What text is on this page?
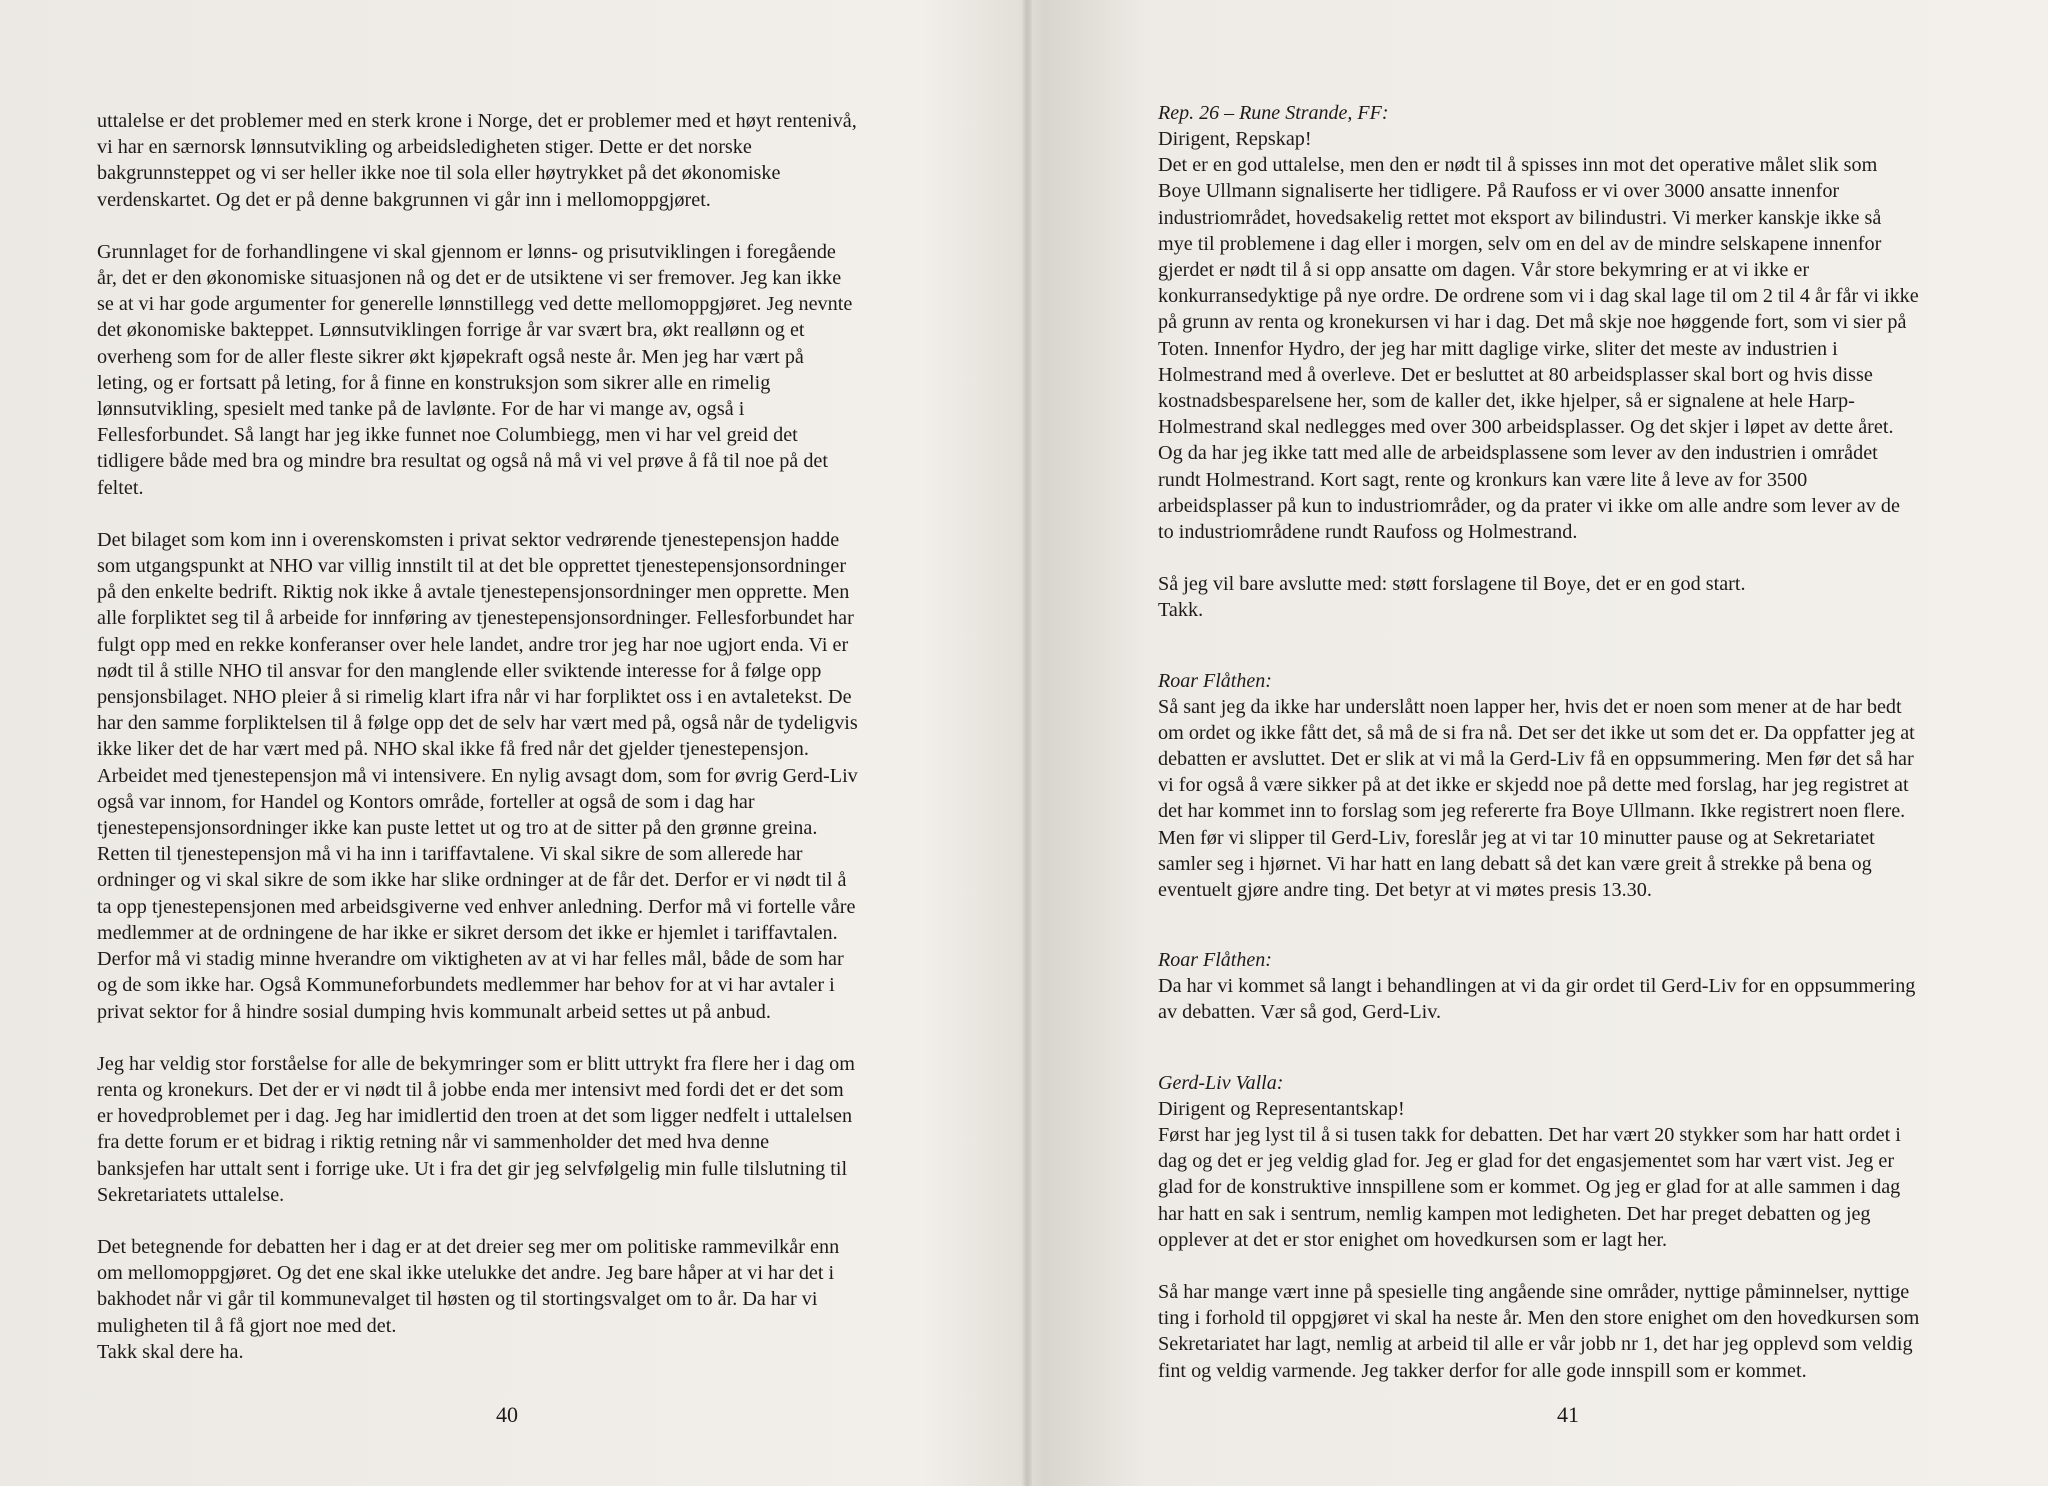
uttalelse er det problemer med en sterk krone i Norge, det er problemer med et høyt rentenivå,
vi har en særnorsk lønnsutvikling og arbeidsledigheten stiger. Dette er det norske
bakgrunnsteppet og vi ser heller ikke noe til sola eller høytrykket på det økonomiske
verdenskartet. Og det er på denne bakgrunnen vi går inn i mellomoppgjøret.

Grunnlaget for de forhandlingene vi skal gjennom er lønns- og prisutviklingen i foregående
år, det er den økonomiske situasjonen nå og det er de utsiktene vi ser fremover. Jeg kan ikke
se at vi har gode argumenter for generelle lønnstillegg ved dette mellomoppgjøret. Jeg nevnte
det økonomiske bakteppet. Lønnsutviklingen forrige år var svært bra, økt reallønn og et
overheng som for de aller fleste sikrer økt kjøpekraft også neste år. Men jeg har vært på
leting, og er fortsatt på leting, for å finne en konstruksjon som sikrer alle en rimelig
lønnsutvikling, spesielt med tanke på de lavlønte. For de har vi mange av, også i
Fellesforbundet. Så langt har jeg ikke funnet noe Columbiegg, men vi har vel greid det
tidligere både med bra og mindre bra resultat og også nå må vi vel prøve å få til noe på det
feltet.

Det bilaget som kom inn i overenskomsten i privat sektor vedrørende tjenestepensjon hadde
som utgangspunkt at NHO var villig innstilt til at det ble opprettet tjenestepensjonsordninger
på den enkelte bedrift. Riktig nok ikke å avtale tjenestepensjonsordninger men opprette. Men
alle forpliktet seg til å arbeide for innføring av tjenestepensjonsordninger. Fellesforbundet har
fulgt opp med en rekke konferanser over hele landet, andre tror jeg har noe ugjort enda. Vi er
nødt til å stille NHO til ansvar for den manglende eller sviktende interesse for å følge opp
pensjonsbilaget. NHO pleier å si rimelig klart ifra når vi har forpliktet oss i en avtaletekst. De
har den samme forpliktelsen til å følge opp det de selv har vært med på, også når de tydeligvis
ikke liker det de har vært med på. NHO skal ikke få fred når det gjelder tjenestepensjon.
Arbeidet med tjenestepensjon må vi intensivere. En nylig avsagt dom, som for øvrig Gerd-Liv
også var innom, for Handel og Kontors område, forteller at også de som i dag har
tjenestepensjonsordninger ikke kan puste lettet ut og tro at de sitter på den grønne greina.
Retten til tjenestepensjon må vi ha inn i tariffavtalene. Vi skal sikre de som allerede har
ordninger og vi skal sikre de som ikke har slike ordninger at de får det. Derfor er vi nødt til å
ta opp tjenestepensjonen med arbeidsgiverne ved enhver anledning. Derfor må vi fortelle våre
medlemmer at de ordningene de har ikke er sikret dersom det ikke er hjemlet i tariffavtalen.
Derfor må vi stadig minne hverandre om viktigheten av at vi har felles mål, både de som har
og de som ikke har. Også Kommuneforbundets medlemmer har behov for at vi har avtaler i
privat sektor for å hindre sosial dumping hvis kommunalt arbeid settes ut på anbud.

Jeg har veldig stor forståelse for alle de bekymringer som er blitt uttrykt fra flere her i dag om
renta og kronekurs. Det der er vi nødt til å jobbe enda mer intensivt med fordi det er det som
er hovedproblemet per i dag. Jeg har imidlertid den troen at det som ligger nedfelt i uttalelsen
fra dette forum er et bidrag i riktig retning når vi sammenholder det med hva denne
banksjefen har uttalt sent i forrige uke. Ut i fra det gir jeg selvfølgelig min fulle tilslutning til
Sekretariatets uttalelse.

Det betegnende for debatten her i dag er at det dreier seg mer om politiske rammevilkår enn
om mellomoppgjøret. Og det ene skal ikke utelukke det andre. Jeg bare håper at vi har det i
bakhodet når vi går til kommunevalget til høsten og til stortingsvalget om to år. Da har vi
muligheten til å få gjort noe med det.
Takk skal dere ha.

40

Rep. 26 – Rune Strande, FF:

Dirigent, Repskap!
Det er en god uttalelse, men den er nødt til å spisses inn mot det operative målet slik som
Boye Ullmann signaliserte her tidligere. På Raufoss er vi over 3000 ansatte innenfor
industriområdet, hovedsakelig rettet mot eksport av bilindustri. Vi merker kanskje ikke så
mye til problemene i dag eller i morgen, selv om en del av de mindre selskapene innenfor
gjerdet er nødt til å si opp ansatte om dagen. Vår store bekymring er at vi ikke er
konkurransedyktige på nye ordre. De ordrene som vi i dag skal lage til om 2 til 4 år får vi ikke
på grunn av renta og kronekursen vi har i dag. Det må skje noe høggende fort, som vi sier på
Toten. Innenfor Hydro, der jeg har mitt daglige virke, sliter det meste av industrien i
Holmestrand med å overleve. Det er besluttet at 80 arbeidsplasser skal bort og hvis disse
kostnadsbesparelsene her, som de kaller det, ikke hjelper, så er signalene at hele Harp-
Holmestrand skal nedlegges med over 300 arbeidsplasser. Og det skjer i løpet av dette året.
Og da har jeg ikke tatt med alle de arbeidsplassene som lever av den industrien i området
rundt Holmestrand. Kort sagt, rente og kronkurs kan være lite å leve av for 3500
arbeidsplasser på kun to industriområder, og da prater vi ikke om alle andre som lever av de
to industriområdene rundt Raufoss og Holmestrand.

Så jeg vil bare avslutte med: støtt forslagene til Boye, det er en god start.
Takk.

Roar Flåthen:

Så sant jeg da ikke har underslått noen lapper her, hvis det er noen som mener at de har bedt
om ordet og ikke fått det, så må de si fra nå. Det ser det ikke ut som det er. Da oppfatter jeg at
debatten er avsluttet. Det er slik at vi må la Gerd-Liv få en oppsummering. Men før det så har
vi for også å være sikker på at det ikke er skjedd noe på dette med forslag, har jeg registret at
det har kommet inn to forslag som jeg refererte fra Boye Ullmann. Ikke registrert noen flere.
Men før vi slipper til Gerd-Liv, foreslår jeg at vi tar 10 minutter pause og at Sekretariatet
samler seg i hjørnet. Vi har hatt en lang debatt så det kan være greit å strekke på bena og
eventuelt gjøre andre ting. Det betyr at vi møtes presis 13.30.

Roar Flåthen:

Da har vi kommet så langt i behandlingen at vi da gir ordet til Gerd-Liv for en oppsummering
av debatten. Vær så god, Gerd-Liv.

Gerd-Liv Valla:

Dirigent og Representantskap!
Først har jeg lyst til å si tusen takk for debatten. Det har vært 20 stykker som har hatt ordet i
dag og det er jeg veldig glad for. Jeg er glad for det engasjementet som har vært vist. Jeg er
glad for de konstruktive innspillene som er kommet. Og jeg er glad for at alle sammen i dag
har hatt en sak i sentrum, nemlig kampen mot ledigheten. Det har preget debatten og jeg
opplever at det er stor enighet om hovedkursen som er lagt her.

Så har mange vært inne på spesielle ting angående sine områder, nyttige påminnelser, nyttige
ting i forhold til oppgjøret vi skal ha neste år. Men den store enighet om den hovedkursen som
Sekretariatet har lagt, nemlig at arbeid til alle er vår jobb nr 1, det har jeg opplevd som veldig
fint og veldig varmende. Jeg takker derfor for alle gode innspill som er kommet.

41
